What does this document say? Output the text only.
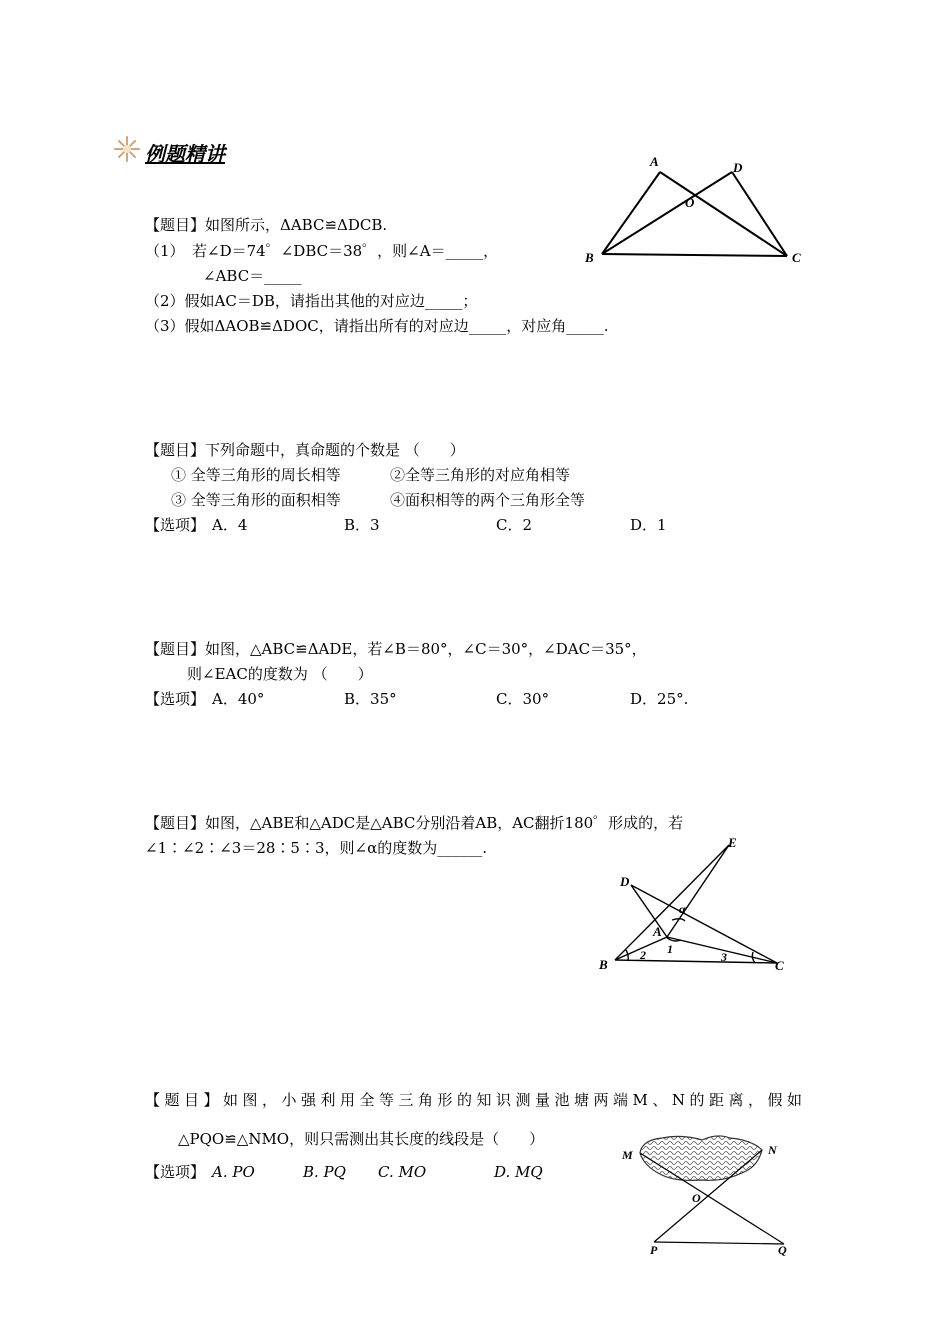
例题精讲
【题目】如图所示，ΔABC≌ΔDCB.
（1）　若∠D＝74゜∠DBC＝38゜，则∠A＝_____，
∠ABC＝_____
（2）假如AC＝DB，请指出其他的对应边_____；
（3）假如ΔAOB≌ΔDOC，请指出所有的对应边_____，对应角_____.
A	D
O
B	C
【题目】下列命题中，真命题的个数是 （　　）
① 全等三角形的周长相等	②全等三角形的对应角相等
③ 全等三角形的面积相等	④面积相等的两个三角形全等
【选项】 A．4	B．3	C．2	D．1
【题目】如图，△ABC≌ΔADE，若∠B＝80°，∠C＝30°，∠DAC＝35°，
则∠EAC的度数为 （　　）
【选项】 A．40°	B．35°	C．30°	D．25°.
【题目】如图，△ABE和△ADC是△ABC分别沿着AB，AC翻折180゜形成的，若
∠1∶∠2∶∠3＝28∶5∶3，则∠α的度数为______.	E
D
α
A
1
B
2	3
C
【题目】如图，小强利用全等三角形的知识测量池塘两端M、N的距离，假如
△PQO≌△NMO，则只需测出其长度的线段是（　　）
【选项】 A. PO	B. PQ C. MO	D. MQ
M	N
O
P	Q
